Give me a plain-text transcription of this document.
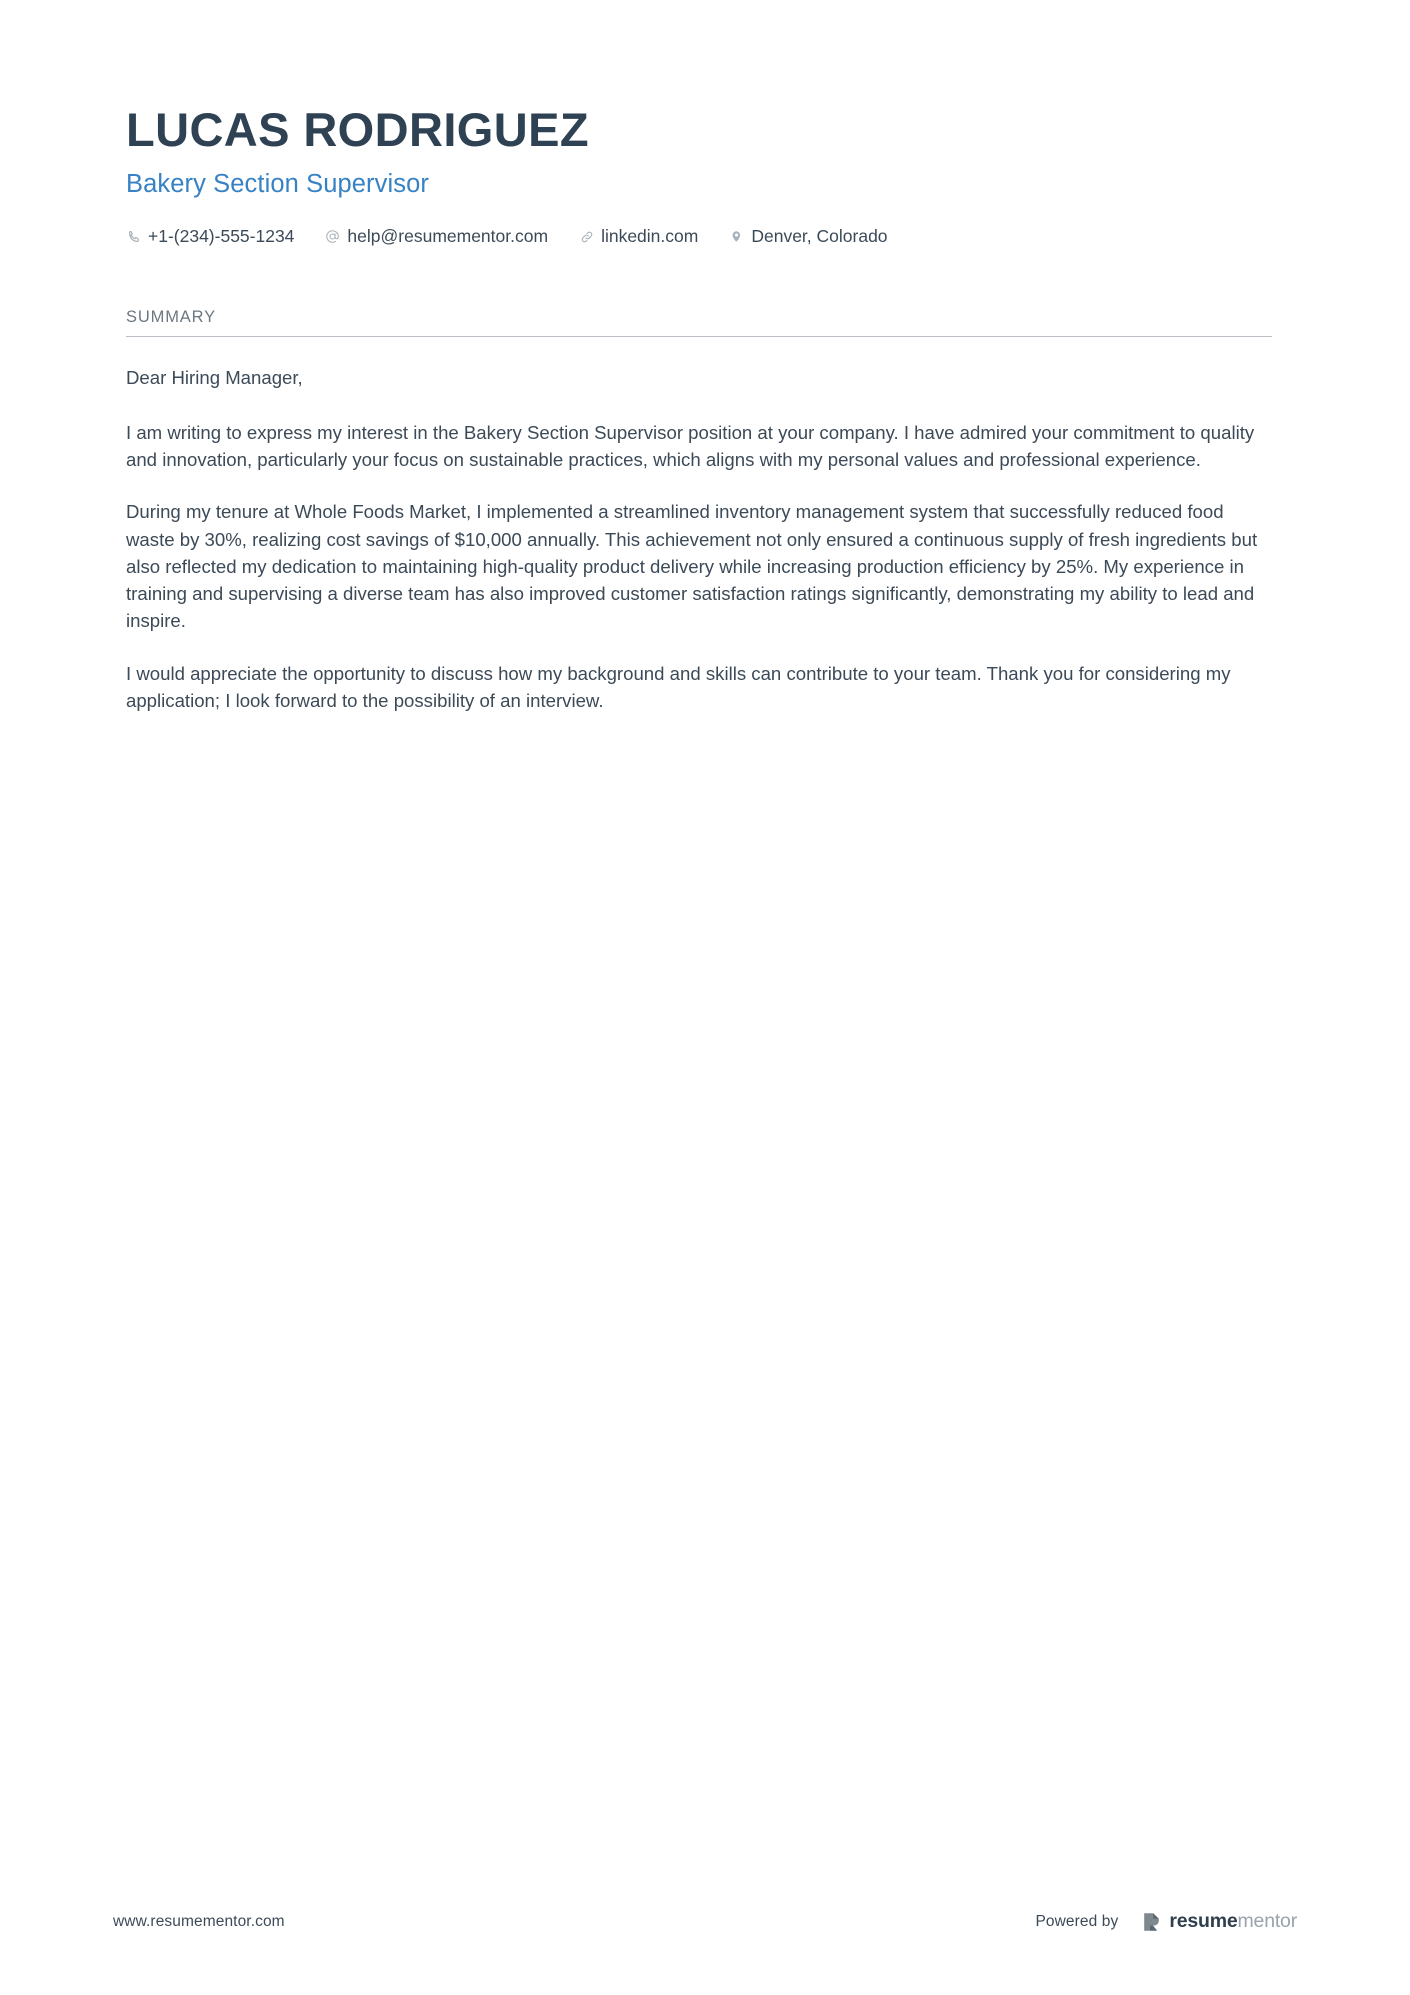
LUCAS RODRIGUEZ
Bakery Section Supervisor
+1-(234)-555-1234	help@resumementor.com	linkedin.com	Denver, Colorado
SUMMARY

Dear Hiring Manager,

I am writing to express my interest in the Bakery Section Supervisor position at your company. I have admired your commitment to quality and innovation, particularly your focus on sustainable practices, which aligns with my personal values and professional experience.

During my tenure at Whole Foods Market, I implemented a streamlined inventory management system that successfully reduced food waste by 30%, realizing cost savings of $10,000 annually. This achievement not only ensured a continuous supply of fresh ingredients but also reflected my dedication to maintaining high-quality product delivery while increasing production efficiency by 25%. My experience in training and supervising a diverse team has also improved customer satisfaction ratings significantly, demonstrating my ability to lead and inspire.

I would appreciate the opportunity to discuss how my background and skills can contribute to your team. Thank you for considering my application; I look forward to the possibility of an interview.

www.resumementor.com	Powered by	resumementor
